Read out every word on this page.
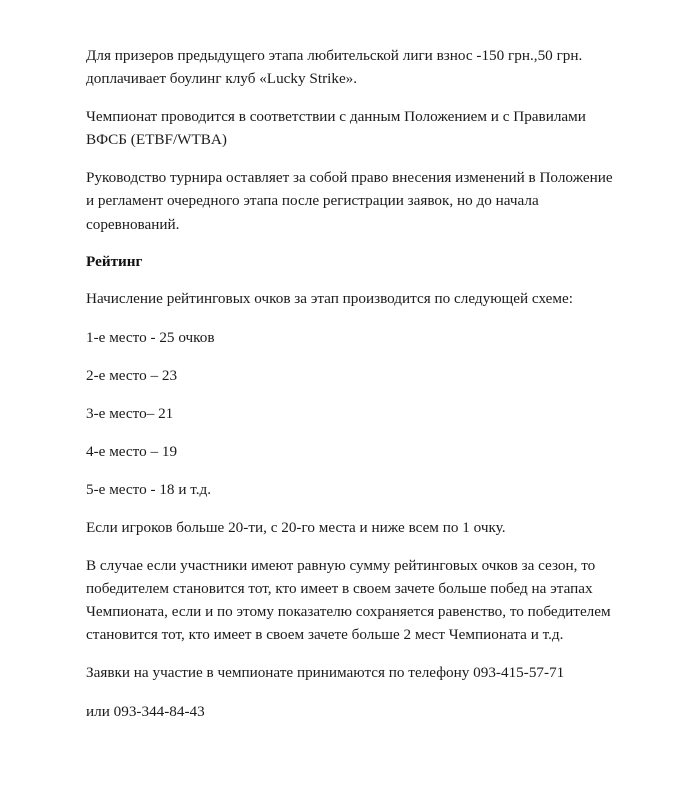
Для призеров предыдущего этапа любительской лиги взнос -150 грн.,50 грн. доплачивает боулинг клуб «Lucky Strike».

Чемпионат проводится в соответствии с данным Положением и с Правилами ВФСБ (ETBF/WTBA)

Руководство турнира оставляет за собой право внесения изменений в Положение и регламент очередного этапа после регистрации заявок, но до начала соревнований.

Рейтинг

Начисление рейтинговых очков за этап производится по следующей схеме:

1-е место - 25 очков

2-е место – 23

3-е место– 21

4-е место – 19

5-е место - 18 и т.д.

Если игроков больше 20-ти, с 20-го места и ниже всем по 1 очку.

В случае если участники имеют равную сумму рейтинговых очков за сезон, то победителем становится тот, кто имеет в своем зачете больше побед на этапах Чемпионата, если и по этому показателю сохраняется равенство, то победителем становится тот, кто имеет в своем зачете больше 2 мест Чемпионата и т.д.

Заявки на участие в чемпионате принимаются по телефону 093-415-57-71

или 093-344-84-43
